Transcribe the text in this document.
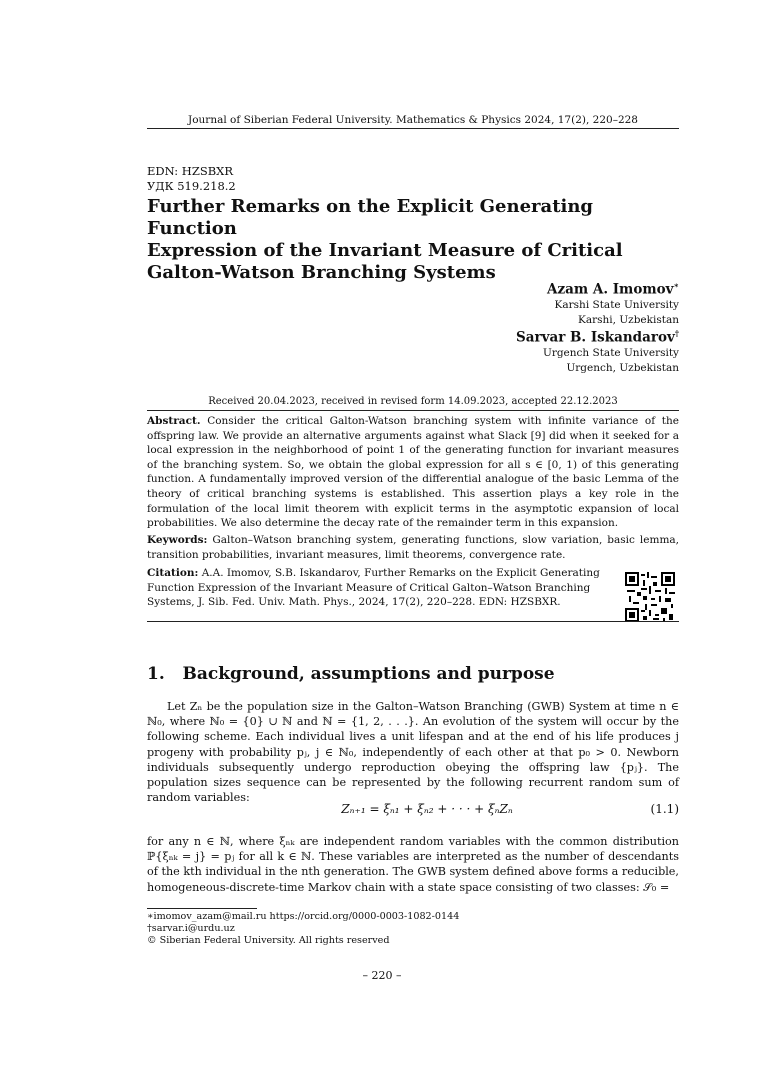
Journal of Siberian Federal University. Mathematics & Physics 2024, 17(2), 220–228
EDN: HZSBXR
УДК 519.218.2
Further Remarks on the Explicit Generating Function
Expression of the Invariant Measure of Critical
Galton-Watson Branching Systems
Azam A. Imomov∗
Karshi State University
Karshi, Uzbekistan
Sarvar B. Iskandarov†
Urgench State University
Urgench, Uzbekistan
Received 20.04.2023, received in revised form 14.09.2023, accepted 22.12.2023
Abstract. Consider the critical Galton-Watson branching system with infinite variance of the offspring law. We provide an alternative arguments against what Slack [9] did when it seeked for a local expression in the neighborhood of point 1 of the generating function for invariant measures of the branching system. So, we obtain the global expression for all s ∈ [0, 1) of this generating function. A fundamentally improved version of the differential analogue of the basic Lemma of the theory of critical branching systems is established. This assertion plays a key role in the formulation of the local limit theorem with explicit terms in the asymptotic expansion of local probabilities. We also determine the decay rate of the remainder term in this expansion.
Keywords: Galton–Watson branching system, generating functions, slow variation, basic lemma, transition probabilities, invariant measures, limit theorems, convergence rate.
Citation: A.A. Imomov, S.B. Iskandarov, Further Remarks on the Explicit Generating Function Expression of the Invariant Measure of Critical Galton–Watson Branching Systems, J. Sib. Fed. Univ. Math. Phys., 2024, 17(2), 220–228. EDN: HZSBXR.
1. Background, assumptions and purpose
Let Zₙ be the population size in the Galton–Watson Branching (GWB) System at time n ∈ ℕ₀, where ℕ₀ = {0} ∪ ℕ and ℕ = {1, 2, . . .}. An evolution of the system will occur by the following scheme. Each individual lives a unit lifespan and at the end of his life produces j progeny with probability pⱼ, j ∈ ℕ₀, independently of each other at that p₀ > 0. Newborn individuals subsequently undergo reproduction obeying the offspring law {pⱼ}. The population sizes sequence can be represented by the following recurrent random sum of random variables:
Zₙ₊₁ = ξₙ₁ + ξₙ₂ + · · · + ξₙZₙ	(1.1)
for any n ∈ ℕ, where ξₙₖ are independent random variables with the common distribution ℙ{ξₙₖ = j} = pⱼ for all k ∈ ℕ. These variables are interpreted as the number of descendants of the kth individual in the nth generation. The GWB system defined above forms a reducible, homogeneous-discrete-time Markov chain with a state space consisting of two classes: 𝒮₀ =
∗imomov_azam@mail.ru https://orcid.org/0000-0003-1082-0144
†sarvar.i@urdu.uz
© Siberian Federal University. All rights reserved
– 220 –
